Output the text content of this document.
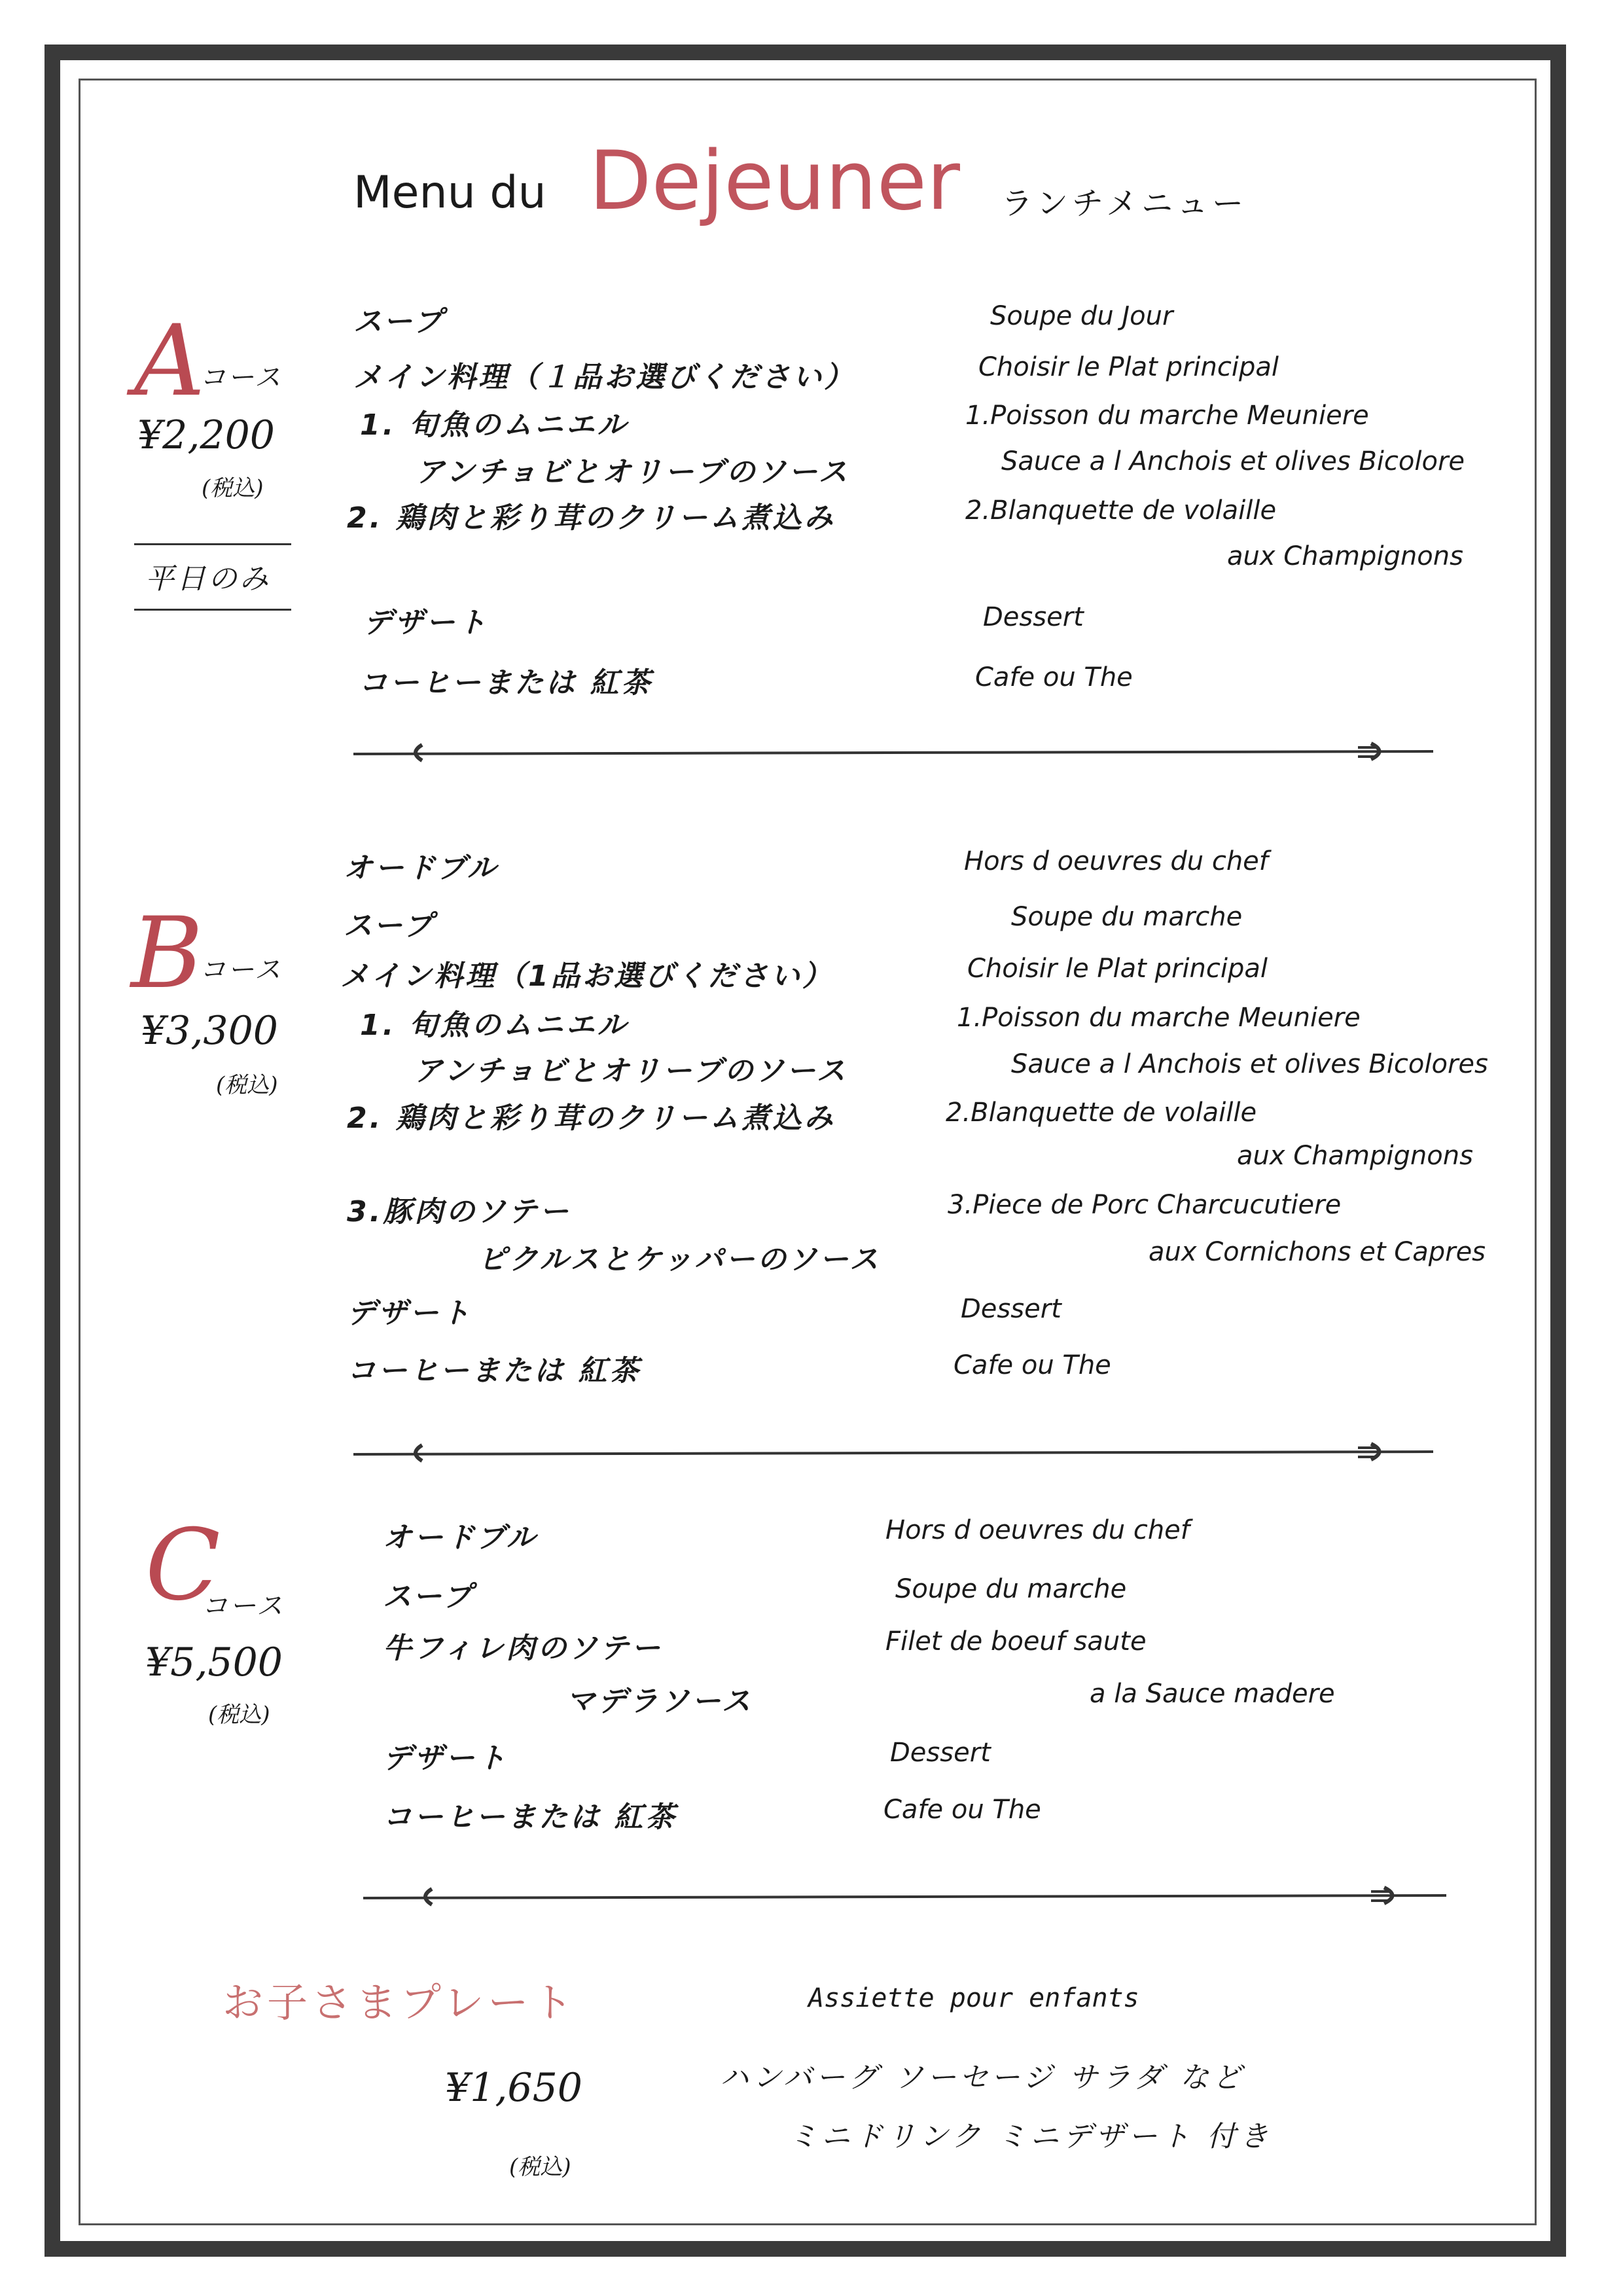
Menu du Dejeuner ランチメニュー
A
コース
¥2,200
(税込)
平日のみ
スープ
メイン料理（１品お選びください）
1. 旬魚のムニエル
アンチョビとオリーブのソース
2. 鶏肉と彩り茸のクリーム煮込み
デザート
コーヒーまたは 紅茶
Soupe du Jour
Choisir le Plat principal
1.Poisson du marche Meuniere
Sauce a l Anchois et olives Bicolore
2.Blanquette de volaille
aux Champignons
Dessert
Cafe ou The
B
コース
¥3,300
(税込)
オードブル
スープ
メイン料理（1品お選びください）
1. 旬魚のムニエル
アンチョビとオリーブのソース
2. 鶏肉と彩り茸のクリーム煮込み
3.豚肉のソテー
ピクルスとケッパーのソース
デザート
コーヒーまたは 紅茶
Hors d oeuvres du chef
Soupe du marche
Choisir le Plat principal
1.Poisson du marche Meuniere
Sauce a l Anchois et olives Bicolores
2.Blanquette de volaille
aux Champignons
3.Piece de Porc Charcucutiere
aux Cornichons et Capres
Dessert
Cafe ou The
C
コース
¥5,500
(税込)
オードブル
スープ
牛フィレ肉のソテー
マデラソース
デザート
コーヒーまたは 紅茶
Hors d oeuvres du chef
Soupe du marche
Filet de boeuf saute
a la Sauce madere
Dessert
Cafe ou The
お子さまプレート	Assiette pour enfants
¥1,650
(税込)
ハンバーグ ソーセージ サラダ など
ミニドリンク ミニデザート 付き
